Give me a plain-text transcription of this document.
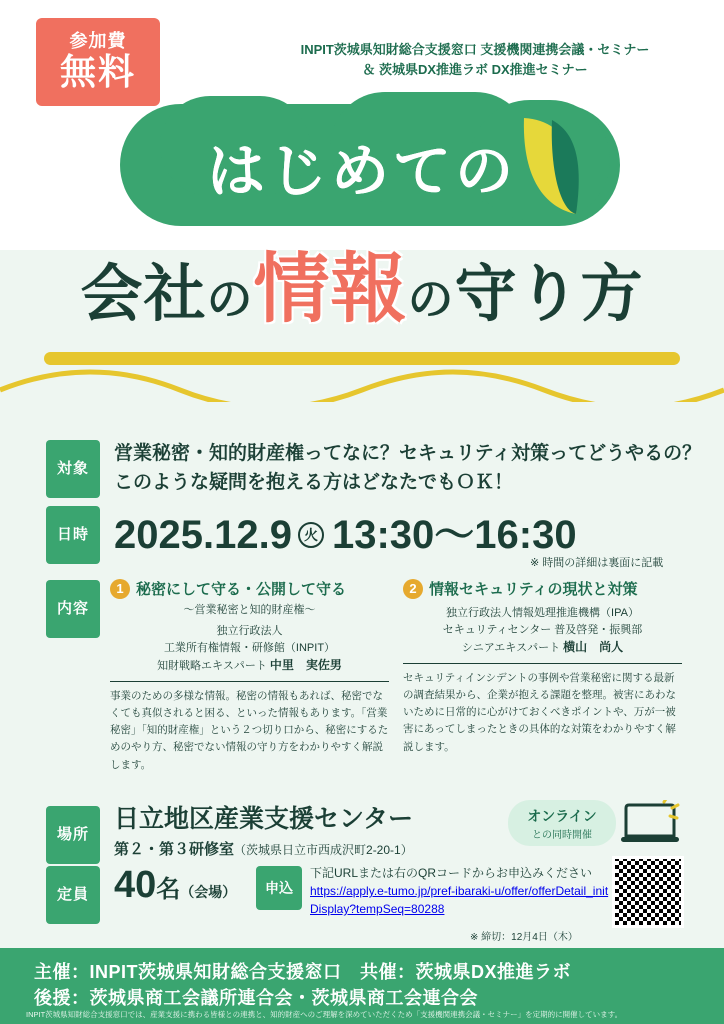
参加費
無料
INPIT茨城県知財総合支援窓口 支援機関連携会議・セミナー
＆ 茨城県DX推進ラボ DX推進セミナー
はじめての
会社の情報の守り方
対象
営業秘密・知的財産権ってなに？セキュリティ対策ってどうやるの？
このような疑問を抱える方はどなたでもＯＫ！
日時 2025.12.9 火 13:30〜16:30
※ 時間の詳細は裏面に記載
内容
1 秘密にして守る・公開して守る
〜営業秘密と知的財産権〜
独立行政法人
工業所有権情報・研修館（INPIT）
知財戦略エキスパート 中里　実佐男
事業のための多様な情報。秘密の情報もあれば、秘密でなくても真似されると困る、といった情報もあります。「営業秘密」「知的財産権」という２つ切り口から、秘密にするためのやり方、秘密でない情報の守り方をわかりやすく解説します。
2 情報セキュリティの現状と対策
独立行政法人情報処理推進機構（IPA）
セキュリティセンター 普及啓発・振興部
シニアエキスパート 横山　尚人
セキュリティインシデントの事例や営業秘密に関する最新の調査結果から、企業が抱える課題を整理。被害にあわないために日常的に心がけておくべきポイントや、万が一被害にあってしまったときの具体的な対策をわかりやすく解説します。
場所
日立地区産業支援センター
第２・第３研修室（茨城県日立市西成沢町2-20-1）
オンライン
との同時開催
定員 40名（会場）	申込
下記URLまたは右のQRコードからお申込みください
https://apply.e-tumo.jp/pref-ibaraki-u/offer/offerDetail_initDisplay?tempSeq=80288
※ 締切：12月4日（木）
主催：INPIT茨城県知財総合支援窓口　共催：茨城県DX推進ラボ
後援：茨城県商工会議所連合会・茨城県商工会連合会
INPIT茨城県知財総合支援窓口では、産業支援に携わる皆様との連携と、知的財産へのご理解を深めていただくため「支援機関連携会議・セミナー」を定期的に開催しています。
